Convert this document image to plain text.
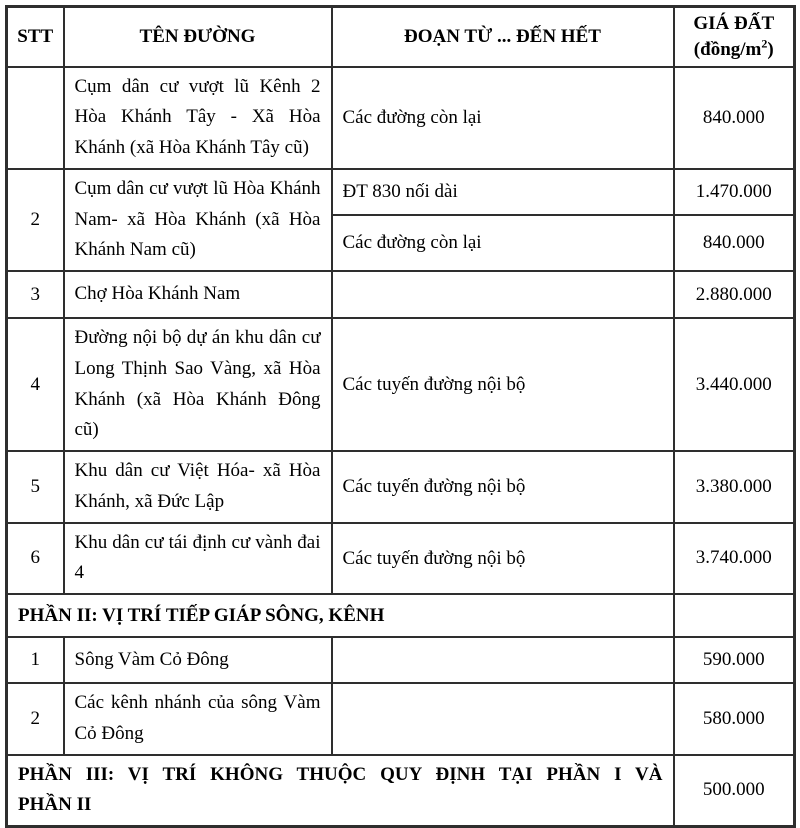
STT	TÊN ĐƯỜNG	ĐOẠN TỪ ... ĐẾN HẾT	GIÁ ĐẤT
$(đồng/m^2)$

	Cụm dân cư vượt lũ Kênh 2 Hòa Khánh Tây - Xã Hòa Khánh (xã Hòa Khánh Tây cũ)	Các đường còn lại	840.000
2	Cụm dân cư vượt lũ Hòa Khánh Nam- xã Hòa Khánh (xã Hòa Khánh Nam cũ)	ĐT 830 nối dài	1.470.000
		Các đường còn lại	840.000
3	Chợ Hòa Khánh Nam		2.880.000
4	Đường nội bộ dự án khu dân cư Long Thịnh Sao Vàng, xã Hòa Khánh (xã Hòa Khánh Đông cũ)	Các tuyến đường nội bộ	3.440.000
5	Khu dân cư Việt Hóa- xã Hòa Khánh, xã Đức Lập	Các tuyến đường nội bộ	3.380.000
6	Khu dân cư tái định cư vành đai 4	Các tuyến đường nội bộ	3.740.000
PHẦN II: VỊ TRÍ TIẾP GIÁP SÔNG, KÊNH			
1	Sông Vàm Cỏ Đông		590.000
2	Các kênh nhánh của sông Vàm Cỏ Đông		580.000

PHẦN III: VỊ TRÍ KHÔNG THUỘC QUY ĐỊNH TẠI PHẦN I VÀ
PHẦN II			500.000
